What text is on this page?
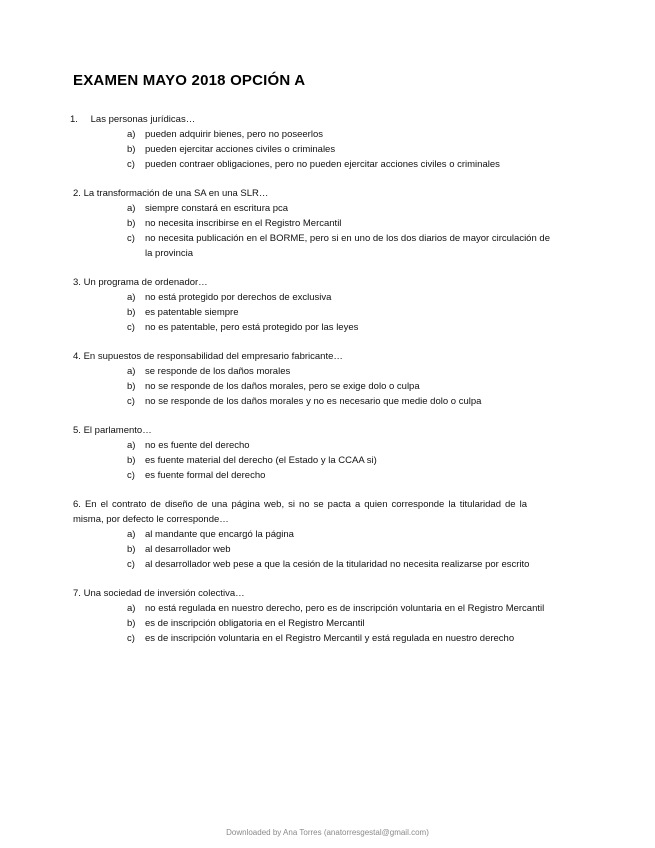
EXAMEN MAYO 2018 OPCIÓN A
1. Las personas jurídicas…
a) pueden adquirir bienes, pero no poseerlos
b) pueden ejercitar acciones civiles o criminales
c) pueden contraer obligaciones, pero no pueden ejercitar acciones civiles o criminales
2. La transformación de una SA en una SLR…
a) siempre constará en escritura pca
b) no necesita inscribirse en el Registro Mercantil
c) no necesita publicación en el BORME, pero si en uno de los dos diarios de mayor circulación de la provincia
3. Un programa de ordenador…
a) no está protegido por derechos de exclusiva
b) es patentable siempre
c) no es patentable, pero está protegido por las leyes
4. En supuestos de responsabilidad del empresario fabricante…
a) se responde de los daños morales
b) no se responde de los daños morales, pero se exige dolo o culpa
c) no se responde de los daños morales y no es necesario que medie dolo o culpa
5. El parlamento…
a) no es fuente del derecho
b) es fuente material del derecho (el Estado y la CCAA si)
c) es fuente formal del derecho
6. En el contrato de diseño de una página web, si no se pacta a quien corresponde la titularidad de la misma, por defecto le corresponde…
a) al mandante que encargó la página
b) al desarrollador web
c) al desarrollador web pese a que la cesión de la titularidad no necesita realizarse por escrito
7. Una sociedad de inversión colectiva…
a) no está regulada en nuestro derecho, pero es de inscripción voluntaria en el Registro Mercantil
b) es de inscripción obligatoria en el Registro Mercantil
c) es de inscripción voluntaria en el Registro Mercantil y está regulada en nuestro derecho
Downloaded by Ana Torres (anatorresgestal@gmail.com)
